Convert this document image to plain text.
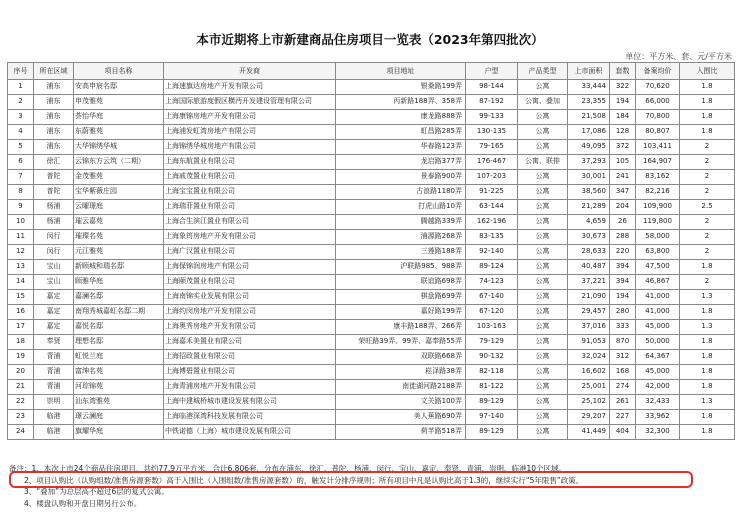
本市近期将上市新建商品住房项目一览表（2023年第四批次）
单位：平方米、套、元/平方米
序号	所在区域	项目名称	开发商	项目地址	户型	产品类型	上市面积	套数	备案均价	入围比
1	浦东	安高申宸名邸	上海速旗达房地产开发有限公司	银桑路199弄	98-144	公寓	33,444	322	70,620	1.8
2	浦东	申茂雅苑	上海国际旅游度假区横沔开发建设管理有限公司	丙新路188弄、358弄	87-192	公寓、叠加	23,355	194	66,000	1.8
3	浦东	荟怡华庭	上海康锦房地产开发有限公司	康龙路888弄	99-133	公寓	21,508	184	70,800	1.8
4	浦东	东蔚雅苑	上海浦发虹湾房地产有限公司	虹昌路285弄	130-135	公寓	17,086	128	80,807	1.8
5	浦东	大华锦绣华城	上海锦绣华城房地产有限公司	华春路123弄	79-165	公寓	49,095	372	103,411	2
6	徐汇	云锦东方云筑（二期）	上海东航置业有限公司	龙启路377弄	176-467	公寓、联排	37,293	105	164,907	2
7	普陀	金茂雅苑	上海戚茂置业有限公司	景泰路900弄	107-203	公寓	30,001	241	83,162	2
8	普陀	宝华紫薇庄园	上海宝宝置业有限公司	古浪路1180弄	91-225	公寓	38,560	347	82,216	2
9	杨浦	云曜璟庭	上海瑞菲置业有限公司	打虎山路10弄	63-144	公寓	21,289	204	109,900	2.5
10	杨浦	璀云嘉苑	上海合生滨江置业有限公司	腾越路339弄	162-196	公寓	4,659	26	119,800	2
11	闵行	璀璨名苑	上海象筠房地产开发有限公司	浦源路268弄	83-135	公寓	30,673	288	58,000	2
12	闵行	元江雅苑	上海广汉置业有限公司	三莲路188弄	92-140	公寓	28,633	220	63,800	2
13	宝山	新顾城和瑞名邸	上海保锦润房地产有限公司	沪联路985、988弄	89-124	公寓	40,487	394	47,500	1.8
14	宝山	顾雅华庭	上海颐茂置业有限公司	联谊路698弄	74-123	公寓	37,221	394	46,867	2
15	嘉定	嘉澜名邸	上海南锦实业发展有限公司	棋盘路699弄	67-140	公寓	21,090	194	41,000	1.3
16	嘉定	南翔秀城嘉虹名邸二期	上海约闵房地产开发有限公司	嘉好路199弄	67-120	公寓	29,457	280	41,000	1.8
17	嘉定	嘉悦名邸	上海奥秀房地产开发有限公司	康丰路188弄、266弄	103-163	公寓	37,016	333	45,000	1.3
18	奉贤	理想名邸	上海嘉禾美置业有限公司	荣旺路39弄、99弄、嘉奉路55弄	79-129	公寓	91,053	870	50,000	1.8
19	青浦	虹悦兰庭	上海招政置业有限公司	双联路668弄	90-132	公寓	32,024	312	64,367	1.8
20	青浦	富绅名苑	上海博碧置业有限公司	崧泽路38弄	82-118	公寓	16,602	168	45,000	1.8
21	青浦	河琮锦苑	上海青浦房地产开发有限公司	南徙湖河路2188弄	81-122	公寓	25,001	274	42,000	1.8
22	崇明	汕东湾雅苑	上海中建城桥城市建设发展有限公司	文关路100弄	89-129	公寓	25,102	261	32,433	1.3
23	临港	璟云澜庭	上海临港深湾科技发展有限公司	美人蕉路690弄	97-140	公寓	29,207	227	33,962	1.8
24	临港	旗耀华庭	中铁诺德（上海）城市建设发展有限公司	荷芊路518弄	89-129	公寓	41,449	404	32,300	1.8
备注：1、本次上市24个商品住房项目，共约77.9万平方米，合计6,806套，分布在浦东、徐汇、普陀、杨浦、闵行、宝山、嘉定、奉贤、青浦、崇明、临港10个区域。
2、项目认购比（认购组数/准售房源套数）高于入围比（入围组数/准售房源套数）的，触发计分排序规则；所有项目中凡是认购比高于1.3的，继续实行“5年限售”政策。
3、“叠加”为总层高不超过6层的复式公寓。
4、楼盘认购和开盘日期另行公布。
